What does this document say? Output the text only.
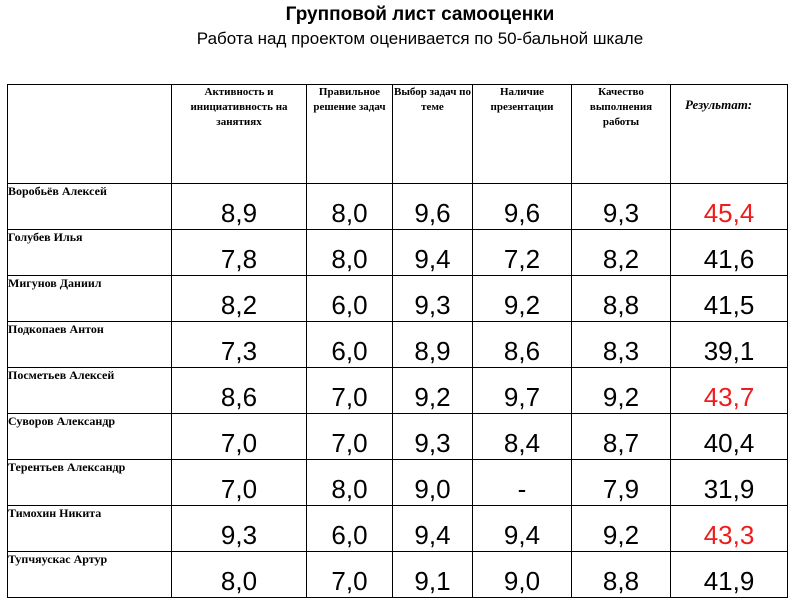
Групповой лист самооценки
Работа над проектом оценивается по 50-бальной шкале
	Активность и инициативность на занятиях	Правильное решение задач	Выбор задач по теме	Наличие презентации	Качество выполнения работы	Результат:
Воробьёв Алексей	8,9	8,0	9,6	9,6	9,3	45,4
Голубев Илья	7,8	8,0	9,4	7,2	8,2	41,6
Мигунов Даниил	8,2	6,0	9,3	9,2	8,8	41,5
Подкопаев Антон	7,3	6,0	8,9	8,6	8,3	39,1
Посметьев Алексей	8,6	7,0	9,2	9,7	9,2	43,7
Суворов Александр	7,0	7,0	9,3	8,4	8,7	40,4
Терентьев Александр	7,0	8,0	9,0	-	7,9	31,9
Тимохин Никита	9,3	6,0	9,4	9,4	9,2	43,3
Тупчяускас Артур	8,0	7,0	9,1	9,0	8,8	41,9
